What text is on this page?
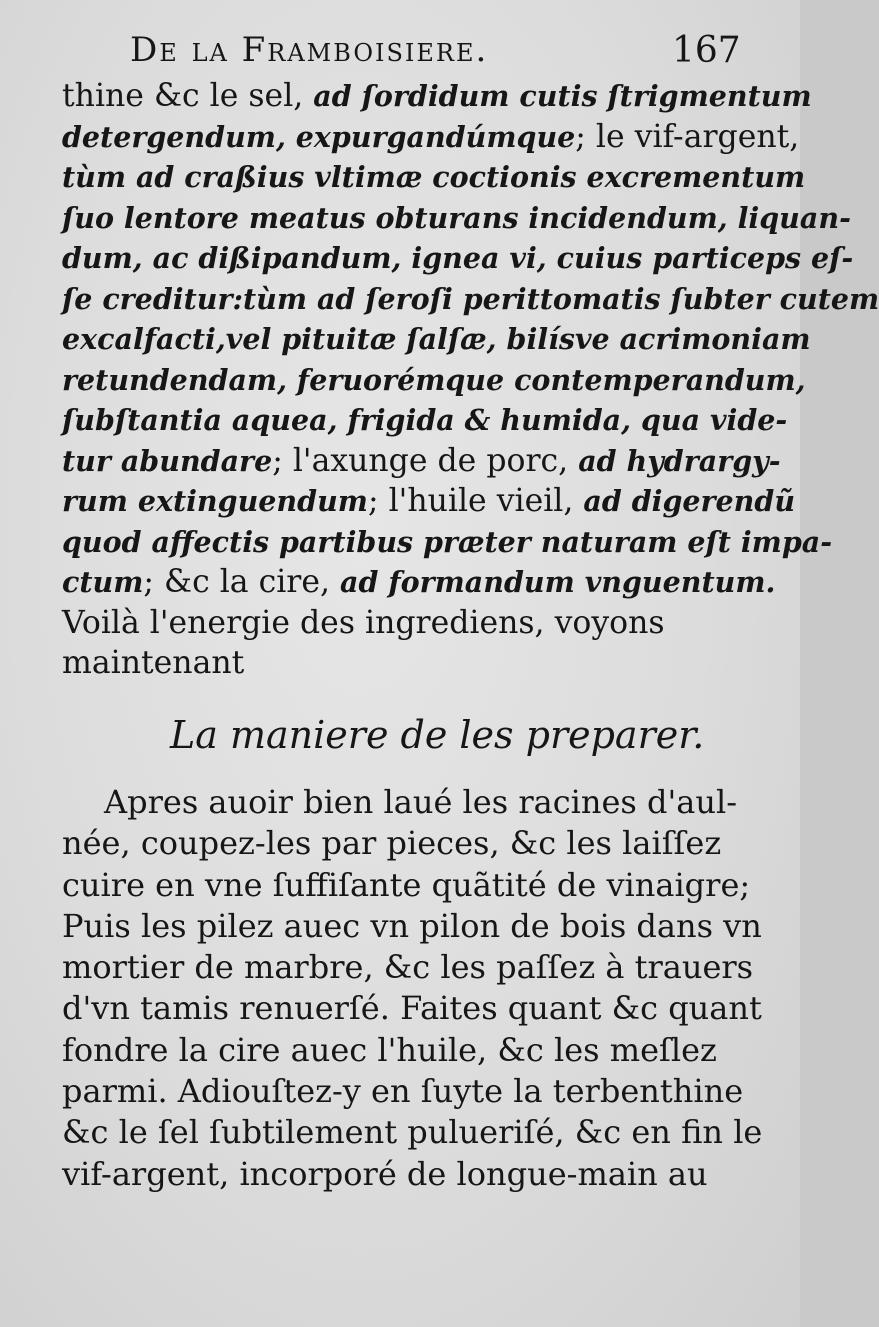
De la Framboisiere.	167
thine &c le sel, ad ſordidum cutis ſtrigmentum
detergendum, expurgandúmque; le vif-argent,
tùm ad craßius vltimæ coctionis excrementum
ſuo lentore meatus obturans incidendum, liquan-
dum, ac dißipandum, ignea vi, cuius particeps eſ-
ſe creditur:tùm ad ſeroſi perittomatis ſubter cutem
excalfacti,vel pituitæ ſalſæ, bilísve acrimoniam
retundendam, feruorémque contemperandum,
ſubſtantia aquea, frigida & humida, qua vide-
tur abundare; l'axunge de porc, ad hydrargy-
rum extinguendum; l'huile vieil, ad digerendũ
quod affectis partibus præter naturam eſt impa-
ctum; &c la cire, ad formandum vnguentum.
Voilà l'energie des ingrediens, voyons
maintenant
La maniere de les preparer.
Apres auoir bien laué les racines d'aul-
née, coupez-les par pieces, &c les laiſſez
cuire en vne ſuffiſante quãtité de vinaigre;
Puis les pilez auec vn pilon de bois dans vn
mortier de marbre, &c les paſſez à trauers
d'vn tamis renuerſé. Faites quant &c quant
fondre la cire auec l'huile, &c les meſlez
parmi. Adiouſtez-y en ſuyte la terbenthine
&c le ſel ſubtilement pulueriſé, &c en fin le
vif-argent, incorporé de longue-main au
